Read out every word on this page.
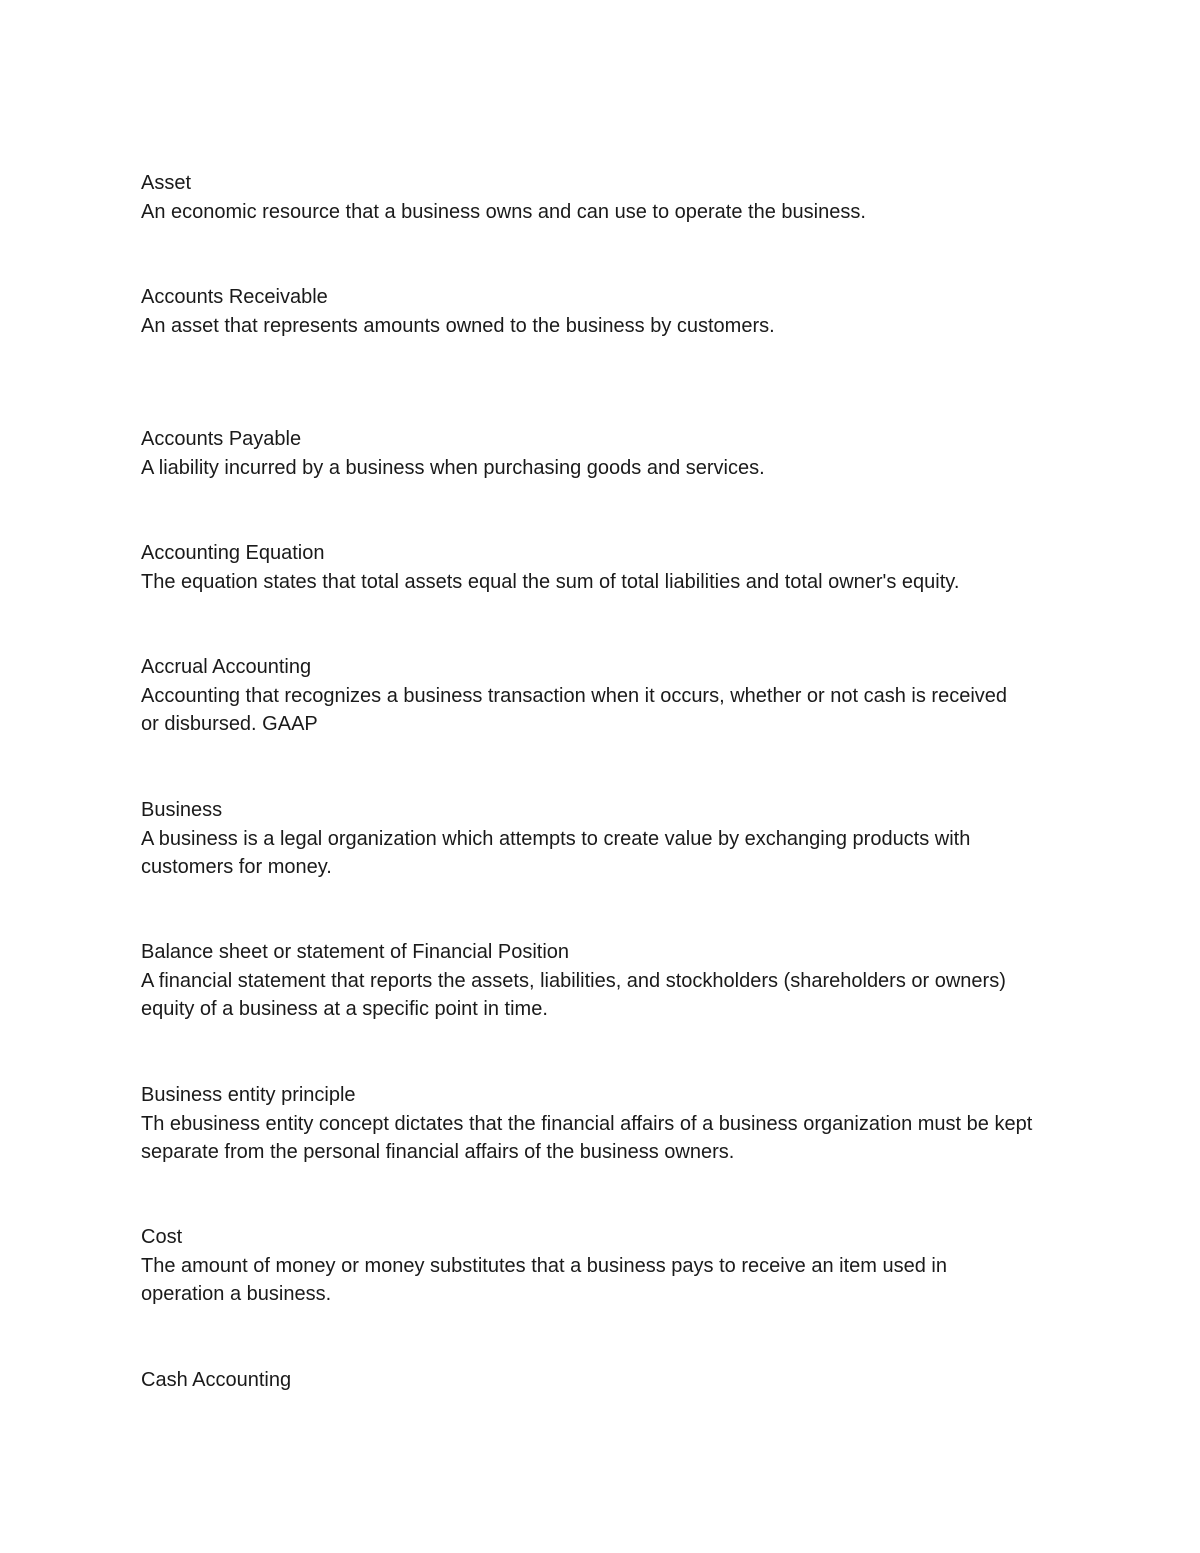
Asset
An economic resource that a business owns and can use to operate the business.
Accounts Receivable
An asset that represents amounts owned to the business by customers.
Accounts Payable
A liability incurred by a business when purchasing goods and services.
Accounting Equation
The equation states that total assets equal the sum of total liabilities and total owner's equity.
Accrual Accounting
Accounting that recognizes a business transaction when it occurs, whether or not cash is received or disbursed. GAAP
Business
A business is a legal organization which attempts to create value by exchanging products with customers for money.
Balance sheet or statement of Financial Position
A financial statement that reports the assets, liabilities, and stockholders (shareholders or owners) equity of a business at a specific point in time.
Business entity principle
Th ebusiness entity concept dictates that the financial affairs of a business organization must be kept separate from the personal financial affairs of the business owners.
Cost
The amount of money or money substitutes that a business pays to receive an item used in operation a business.
Cash Accounting
